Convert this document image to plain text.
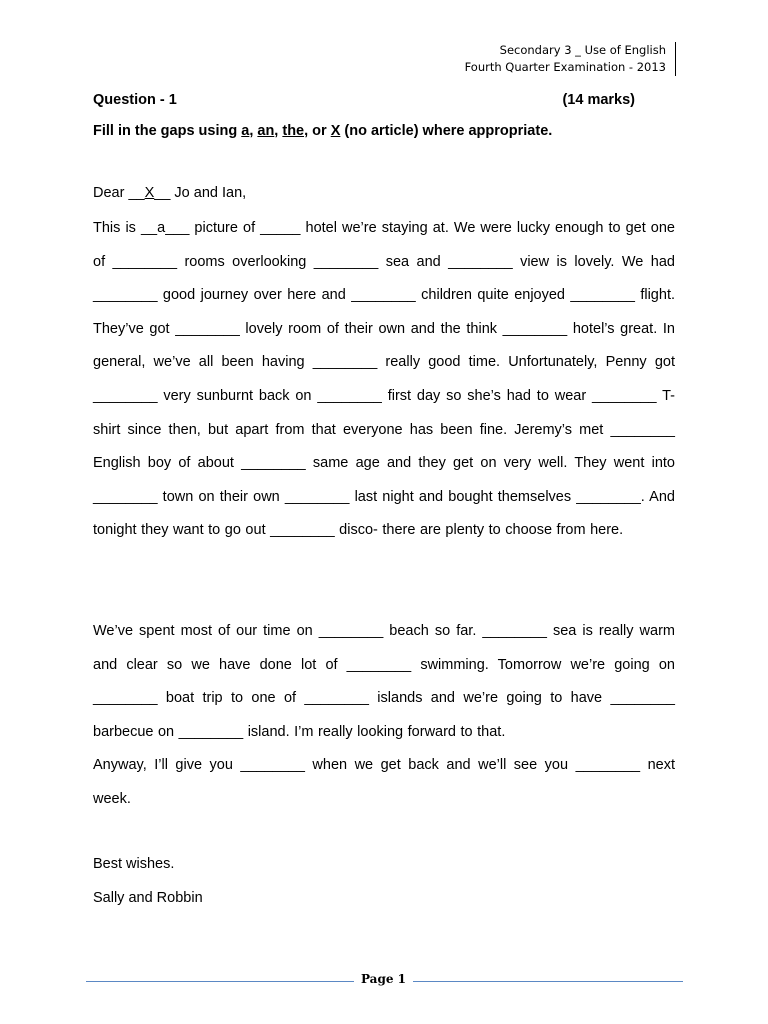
Secondary 3 _ Use of English
Fourth Quarter Examination - 2013
Question - 1	(14 marks)
Fill in the gaps using a, an, the, or X (no article) where appropriate.
Dear __X__ Jo and Ian,
This is __a___ picture of _____ hotel we’re staying at. We were lucky enough to get one of ________ rooms overlooking ________ sea and ________ view is lovely. We had ________ good journey over here and ________ children quite enjoyed ________ flight. They’ve got ________ lovely room of their own and the think ________ hotel’s great. In general, we’ve all been having ________ really good time. Unfortunately, Penny got ________ very sunburnt back on ________ first day so she’s had to wear ________ T-shirt since then, but apart from that everyone has been fine. Jeremy’s met ________ English boy of about ________ same age and they get on very well. They went into ________ town on their own ________ last night and bought themselves ________. And tonight they want to go out ________ disco- there are plenty to choose from here.
We’ve spent most of our time on ________ beach so far. ________ sea is really warm and clear so we have done lot of ________ swimming. Tomorrow we’re going on ________ boat trip to one of ________ islands and we’re going to have ________ barbecue on ________ island. I’m really looking forward to that.
Anyway, I’ll give you ________ when we get back and we’ll see you ________ next week.
Best wishes.
Sally and Robbin
Page 1
